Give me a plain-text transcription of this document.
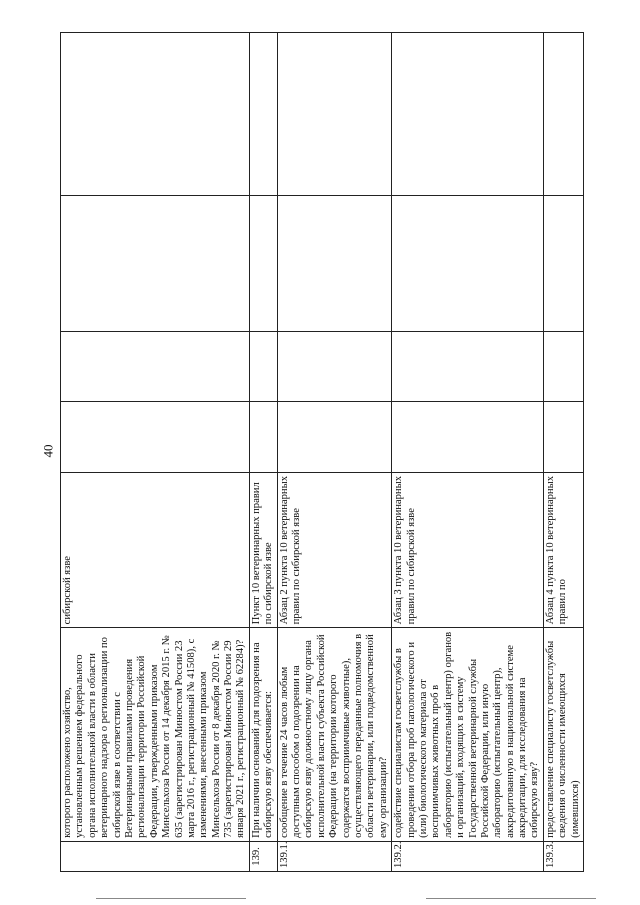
40
	которого расположено хозяйство, установленным решением федерального органа исполнительной власти в области ветеринарного надзора о регионализации по сибирской язве в соответствии с Ветеринарными правилами проведения регионализации территории Российской Федерации, утвержденными приказом Минсельхоза России от 14 декабря 2015 г. № 635 (зарегистрирован Минюстом России 23 марта 2016 г., регистрационный № 41508), с изменениями, внесенными приказом Минсельхоза России от 8 декабря 2020 г. № 735 (зарегистрирован Минюстом России 29 января 2021 г., регистрационный № 62284)?	сибирской язве				
139.	При наличии оснований для подозрения на сибирскую язву обеспечивается:	Пункт 10 ветеринарных правил по сибирской язве				
139.1.	сообщение в течение 24 часов любым доступным способом о подозрении на сибирскую язву должностному лицу органа исполнительной власти субъекта Российской Федерации (на территории которого содержатся восприимчивые животные), осуществляющего переданные полномочия в области ветеринарии, или подведомственной ему организации?	Абзац 2 пункта 10 ветеринарных правил по сибирской язве				
139.2.	содействие специалистам госветслужбы в проведении отбора проб патологического и (или) биологического материала от восприимчивых животных проб в лабораторию (испытательный центр) органов и организаций, входящих в систему Государственной ветеринарной службы Российской Федерации, или иную лабораторию (испытательный центр), аккредитованную в национальной системе аккредитации, для исследования на сибирскую язву?	Абзац 3 пункта 10 ветеринарных правил по сибирской язве				
139.3.	предоставление специалисту госветслужбы сведения о численности имеющихся (имевшихся)	Абзац 4 пункта 10 ветеринарных правил по				
